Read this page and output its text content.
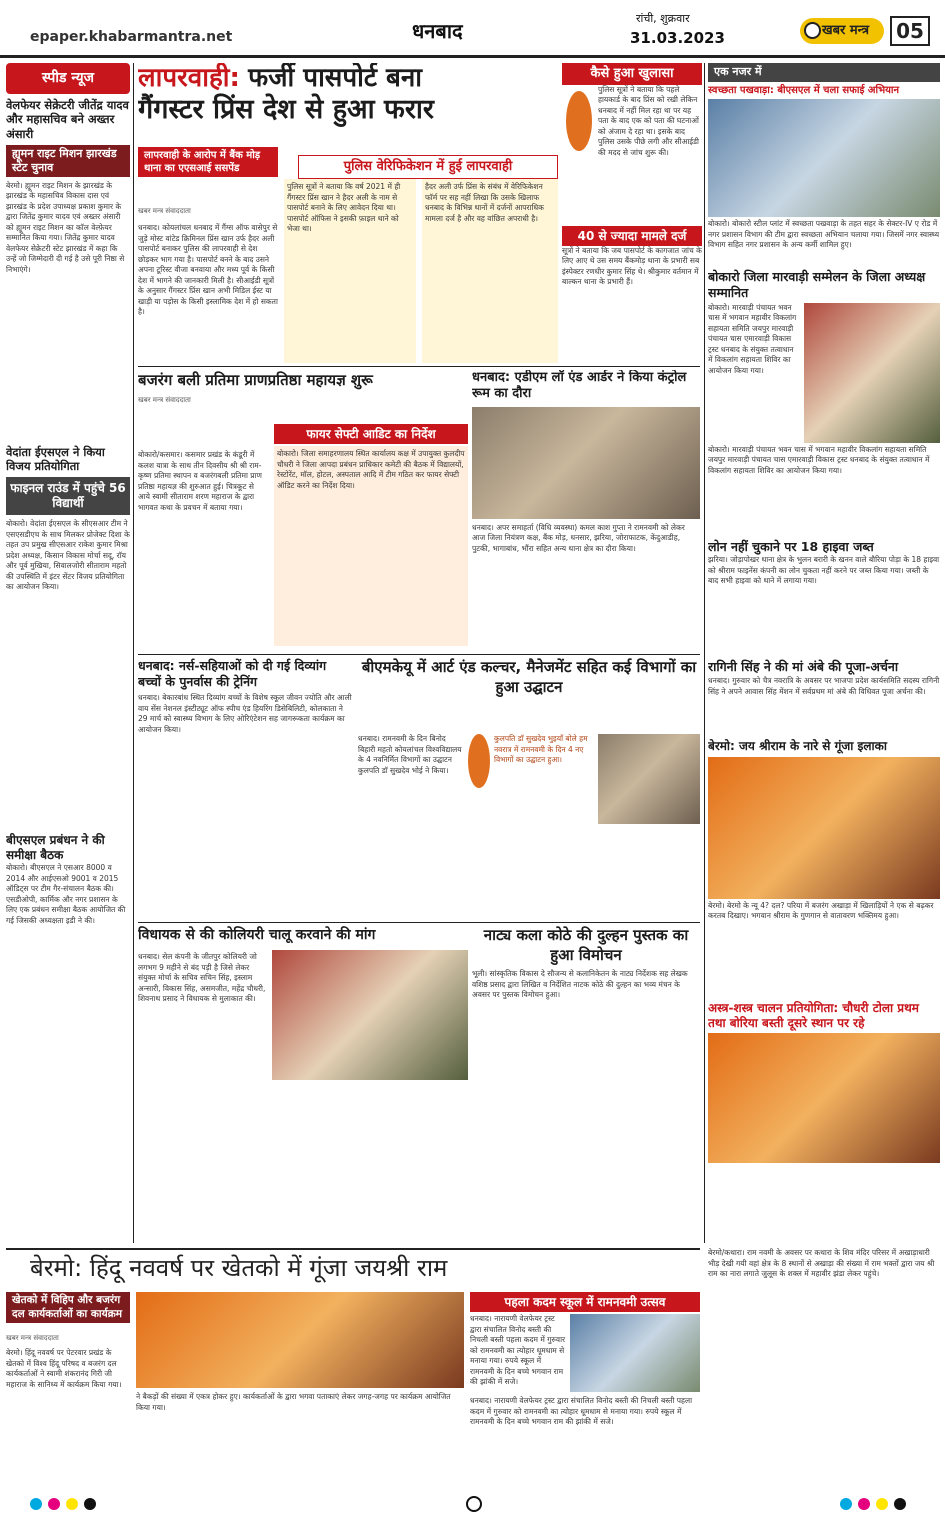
epaper.khabarmantra.net	धनबाद
रांची, शुक्रवार
31.03.2023	खबर मन्त्र	05
स्पीड न्यूज
वेलफेयर सेक्रेटरी जीतेंद्र यादव और महासचिव बने अख्तर अंसारी
ह्यूमन राइट मिशन झारखंड स्टेट चुनाव
बेरमो। ह्यूमन राइट मिशन के झारखंड के झारखंड के महासचिव विकास दास एवं झारखंड के प्रदेश उपाध्यक्ष प्रकाश कुमार के द्वारा जितेंद्र कुमार यादव एवं अख्तर अंसारी को ह्यूमन राइट मिशन का कॉल वेल्फ़ेयर सम्मानित किया गया। जितेंद्र कुमार यादव वेलफेयर सेक्रेटरी स्टेट झारखंड में कहा कि उन्हें जो जिम्मेदारी दी गई है उसे पूरी निष्ठा से निभाएंगे।
वेदांता ईएसएल ने किया विजय प्रतियोगिता
फाइनल राउंड में पहुंचे 56 विद्यार्थी
बोकारो। वेदांता ईएसएल के सीएसआर टीम ने एसएसडीएच के साथ मिलकर प्रोजेक्ट दिशा के तहत उप प्रमुख सीएसआर राकेश कुमार मिश्रा प्रदेश अध्यक्ष, किसान विकास मोर्चा सदू, रॉय और पूर्व मुखिया, सिवालजोरी सीताराम महतो की उपस्थिति में इंटर सेंटर विजय प्रतियोगिता का आयोजन किया।
बीएसएल प्रबंधन ने की समीक्षा बैठक
बोकारो। बीएसएल ने एसआर 8000 व 2014 और आईएसओ 9001 व 2015 ऑडिट्स पर टीम गैर-संचालन बैठक की। एसडीओपी, कार्मिक और नगर प्रशासन के लिए एक प्रबंधन समीक्षा बैठक आयोजित की गई जिसकी अध्यक्षता इडी ने की।
लापरवाही: फर्जी पासपोर्ट बना
गैंगस्टर प्रिंस देश से हुआ फरार
लापरवाही के आरोप में बैंक मोड़ थाना का एएसआई ससपेंड	पुलिस वेरिफिकेशन में हुई लापरवाही
खबर मन्त्र संवाददाता
धनबाद। कोयलांचल धनबाद में गैंग्स ऑफ वासेपुर से जुड़े मोस्ट वांटेड क्रिमिनल प्रिंस खान उर्फ हैदर अली पासपोर्ट बनाकर पुलिस की लापरवाही से देश छोड़कर भाग गया है। पासपोर्ट बनने के बाद उसने अपना टूरिस्ट वीजा बनवाया और मध्य पूर्व के किसी देश में भागने की जानकारी मिली है। सीआईडी सूत्रों के अनुसार गैंगस्टर प्रिंस खान अभी मिडिल ईस्ट या खाड़ी या पड़ोस के किसी इस्लामिक देश में हो सकता है।
पुलिस सूत्रों ने बताया कि वर्ष 2021 में ही गैंगस्टर प्रिंस खान ने हैदर अली के नाम से पासपोर्ट बनाने के लिए आवेदन दिया था। पासपोर्ट ऑफिस ने इसकी फ़ाइल थाने को भेजा था।
हैदर अली उर्फ प्रिंस के संबंध में वेरिफिकेशन फॉर्म पर सह नहीं लिखा कि उसके खिलाफ धनबाद के विभिन्न थानों में दर्जनों आपराधिक मामला दर्ज है और वह वांछित अपराधी है।
कैसे हुआ खुलासा
पुलिस सूत्रों ने बताया कि पहले हायकार्ड के बाद प्रिंस को रखी लेकिन धनबाद में नहीं मिल रहा था पर यह पता के बाद एक को पता की घटनाओं को अंजाम दे रहा था। इसके बाद पुलिस उसके पीछे लगी और सीआईडी की मदद से जांच शुरू की।
40 से ज्यादा मामले दर्ज
सूत्रों ने बताया कि जब पासपोर्ट के कागजात जांच के लिए आए थे उस समय बैंकमोड़ थाना के प्रभारी सब इंस्पेक्टर रणधीर कुमार सिंह थे। श्रीकुमार वर्तमान में बाल्कन थाना के प्रभारी हैं।
एक नजर में
स्वच्छता पखवाड़ा: बीएसएल में चला सफाई अभियान
बोकारो। बोकारो स्टील प्लांट में स्वच्छता पखवाड़ा के तहत सहर के सेक्टर-IV ए रोड में नगर प्रशासन विभाग की टीम द्वारा स्वच्छता अभियान चलाया गया। जिसमें नगर स्वास्थ्य विभाग सहित नगर प्रशासन के अन्य कर्मी शामिल हुए।
बोकारो जिला मारवाड़ी सम्मेलन के जिला अध्यक्ष सम्मानित
बोकारो। मारवाड़ी पंचायत भवन चास में भगवान महावीर विकलांग सहायता समिति जयपुर मारवाड़ी पंचायत चास एमारवाड़ी विकास ट्रस्ट धनबाद के संयुक्त तत्वाधान में विकलांग सहायता शिविर का आयोजन किया गया।
बोकारो। मारवाड़ी पंचायत भवन चास में भगवान महावीर विकलांग सहायता समिति जयपुर मारवाड़ी पंचायत चास एमारवाड़ी विकास ट्रस्ट धनबाद के संयुक्त तत्वाधान में विकलांग सहायता शिविर का आयोजन किया गया।
लोन नहीं चुकाने पर 18 हाइवा जब्त
झरिया। जोड़ापोखर थाना क्षेत्र के भुलन बरारी के खनन वाले बौरिया पोड़ा के 18 हाइवा को श्रीराम फाइनेंस कंपनी का लोन चुकता नहीं करने पर जब्त किया गया। जब्ती के बाद सभी हाइवा को थाने में लगाया गया।
रागिनी सिंह ने की मां अंबे की पूजा-अर्चना
धनबाद। गुरुवार को चैत्र नवरात्रि के अवसर पर भाजपा प्रदेश कार्यसमिति सदस्य रागिनी सिंह ने अपने आवास सिंह मेंशन में सर्वप्रथम मां अंबे की विधिवत पूजा अर्चना की।
बेरमो: जय श्रीराम के नारे से गूंजा इलाका
बेरमो। बेरमो के न्यू 4? दल? परिया में बजरंग अखाड़ा में खिलाड़ियों ने एक से बढ़कर करतब दिखाए। भगवान श्रीराम के गुणगान से वातावरण भक्तिमय हुआ।
अस्त्र-शस्त्र चालन प्रतियोगिता: चौधरी टोला प्रथम तथा बोरिया बस्ती दूसरे स्थान पर रहे
बजरंग बली प्रतिमा प्राणप्रतिष्ठा महायज्ञ शुरू
खबर मन्त्र संवाददाता
फायर सेफ्टी आडिट का निर्देश
बोकारो/कसमार। कसमार प्रखंड के कंडूरी में कलश यात्रा के साथ तीन दिवसीय श्री श्री राम-कृष्ण प्रतिमा स्थापन व बजरंगबली प्रतिमा प्राण प्रतिष्ठा महायज्ञ की शुरुआत हुई। चित्रकूट से आये स्वामी सीताराम शरण महाराज के द्वारा भागवत कथा के प्रवचन में बताया गया।
बोकारो। जिला समाहरणालय स्थित कार्यालय कक्ष में उपायुक्त कुलदीप चौधरी ने जिला आपदा प्रबंधन प्राधिकार कमेटी की बैठक में विद्यालयों, रेस्टोरेंट, मॉल, होटल, अस्पताल आदि में टीम गठित कर फायर सेफ्टी ऑडिट करने का निर्देश दिया।
धनबाद: एडीएम लॉ एंड आर्डर ने किया कंट्रोल रूम का दौरा
धनबाद। अपर समाहर्ता (विधि व्यवस्था) कमल काश गुप्ता ने रामनवमी को लेकर आज जिला नियंत्रण कक्ष, बैंक मोड़, धनसार, झरिया, जोराफाटक, केंदुआडीह, पुटकी, भागाबांध, भौंरा सहित अन्य थाना क्षेत्र का दौरा किया।
धनबाद: नर्स-सहियाओं को दी गई दिव्यांग बच्चों के पुनर्वास की ट्रेनिंग
धनबाद। बेकारबांध स्थित दिव्यांग बच्चों के विशेष स्कूल जीवन ज्योति और आली वाय सेंस नेशनल इंस्टीट्यूट ऑफ स्पीच एंड हियरिंग डिसेबिलिटी, कोलकाता ने 29 मार्च को स्वास्थ्य विभाग के लिए ओरिएंटेशन सह जागरूकता कार्यक्रम का आयोजन किया।
बीएमकेयू में आर्ट एंड कल्चर, मैनेजमेंट सहित कई विभागों का हुआ उद्घाटन
कुलपति डॉ सुखदेव भुइयाँ बोले हम नवरात्र में रामनवमी के दिन 4 नए विभागों का उद्घाटन हुआ।
धनबाद। रामनवमी के दिन बिनोद बिहारी महतो कोयलांचल विश्वविद्यालय के 4 नवनिर्मित विभागों का उद्घाटन कुलपति डॉ सुखदेव भोई ने किया।
विधायक से की कोलियरी चालू करवाने की मांग
धनबाद। सेल कंपनी के जीतपुर कोलियरी जो लगभग 9 महीने से बंद पड़ी है जिसे लेकर संयुक्त मोर्चा के सचिव सचिन सिंह, इस्लाम अन्सारी, विकास सिंह, असमजीत, महेंद्र चौधरी, शिवनाथ प्रसाद ने विधायक से मुलाकात की।
नाट्य कला कोठे की दुल्हन पुस्तक का हुआ विमोचन
भूली। सांस्कृतिक विकास दे सौजन्य से कलानिकेतन के नाट्य निर्देशक सह लेखक वशिष्ठ प्रसाद द्वारा लिखित व निर्देशित नाटक कोठे की दुल्हन का भव्य मंचन के अवसर पर पुस्तक विमोचन हुआ।
बेरमो: हिंदू नववर्ष पर खेतको में गूंजा जयश्री राम
खेतको में विहिप और बजरंग दल कार्यकर्ताओं का कार्यक्रम
खबर मन्त्र संवाददाता
बेरमो। हिंदू नववर्ष पर पेटरवार प्रखंड के खेतको में विश्व हिंदू परिषद व बजरंग दल कार्यकर्ताओं ने स्वामी शंकरानंद गिरी जी महाराज के सानिध्य में कार्यक्रम किया गया।
ने बैकड़ों की संख्या में एकत्र होकर हुए। कार्यकर्ताओं के द्वारा भगवा पताकाएं लेकर जगह-जगह पर कार्यक्रम आयोजित किया गया।
पहला कदम स्कूल में रामनवमी उत्सव
धनबाद। नारायणी वेलफेयर ट्रस्ट द्वारा संचालित विनोद बस्ती की निचली बस्ती पहला कदम में गुरुवार को रामनवमी का त्योहार धूमधाम से मनाया गया। रुपये स्कूल में रामनवमी के दिन बच्चे भगवान राम की झांकी में सजे।
धनबाद। नारायणी वेलफेयर ट्रस्ट द्वारा संचालित विनोद बस्ती की निचली बस्ती पहला कदम में गुरुवार को रामनवमी का त्योहार धूमधाम से मनाया गया। रुपये स्कूल में रामनवमी के दिन बच्चे भगवान राम की झांकी में सजे।
बेरमो/कथारा। राम नवमी के अवसर पर कथारा के शिव मंदिर परिसर में अखाड़ाधारी भीड़ देखी गयी वहां क्षेत्र के 8 स्थानों से अखाड़ा की संख्या में राम भक्तों द्वारा जय श्री राम का नारा लगाते जुलूस के शक्ल में महावीर झंडा लेकर पहुंचे।
